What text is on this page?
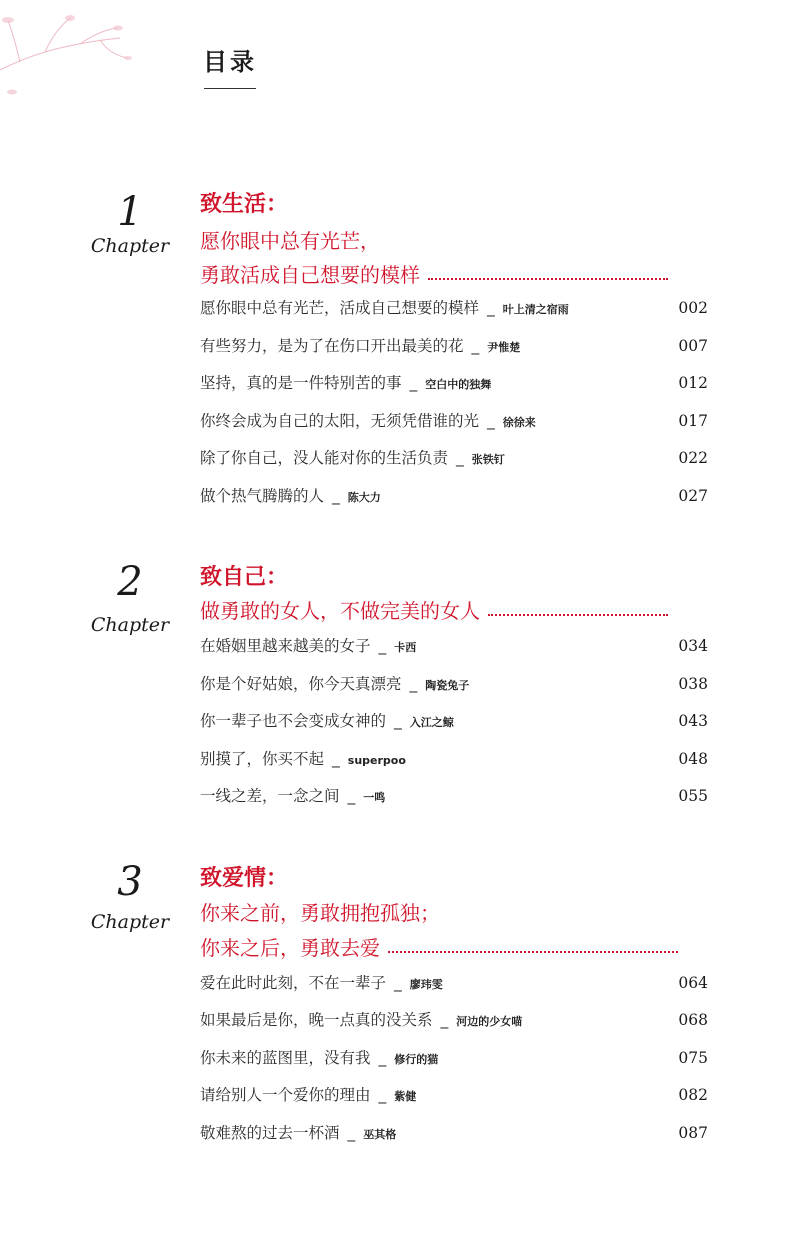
目录
1
Chapter
致生活：
愿你眼中总有光芒，
勇敢活成自己想要的模样
愿你眼中总有光芒，活成自己想要的模样 _ 叶上清之宿雨	002
有些努力，是为了在伤口开出最美的花 _ 尹惟楚	007
坚持，真的是一件特别苦的事 _ 空白中的独舞	012
你终会成为自己的太阳，无须凭借谁的光 _ 徐徐来	017
除了你自己，没人能对你的生活负责 _ 张铁钉	022
做个热气腾腾的人 _ 陈大力	027
2
Chapter
致自己：
做勇敢的女人，不做完美的女人
在婚姻里越来越美的女子 _ 卡西	034
你是个好姑娘，你今天真漂亮 _ 陶瓷兔子	038
你一辈子也不会变成女神的 _ 入江之鲸	043
别摸了，你买不起 _ superpoo	048
一线之差，一念之间 _ 一鸣	055
3
Chapter
致爱情：
你来之前，勇敢拥抱孤独；
你来之后，勇敢去爱
爱在此时此刻，不在一辈子 _ 廖玮雯	064
如果最后是你，晚一点真的没关系 _ 河边的少女喵	068
你未来的蓝图里，没有我 _ 修行的猫	075
请给别人一个爱你的理由 _ 紫健	082
敬难熬的过去一杯酒 _ 巫其格	087
